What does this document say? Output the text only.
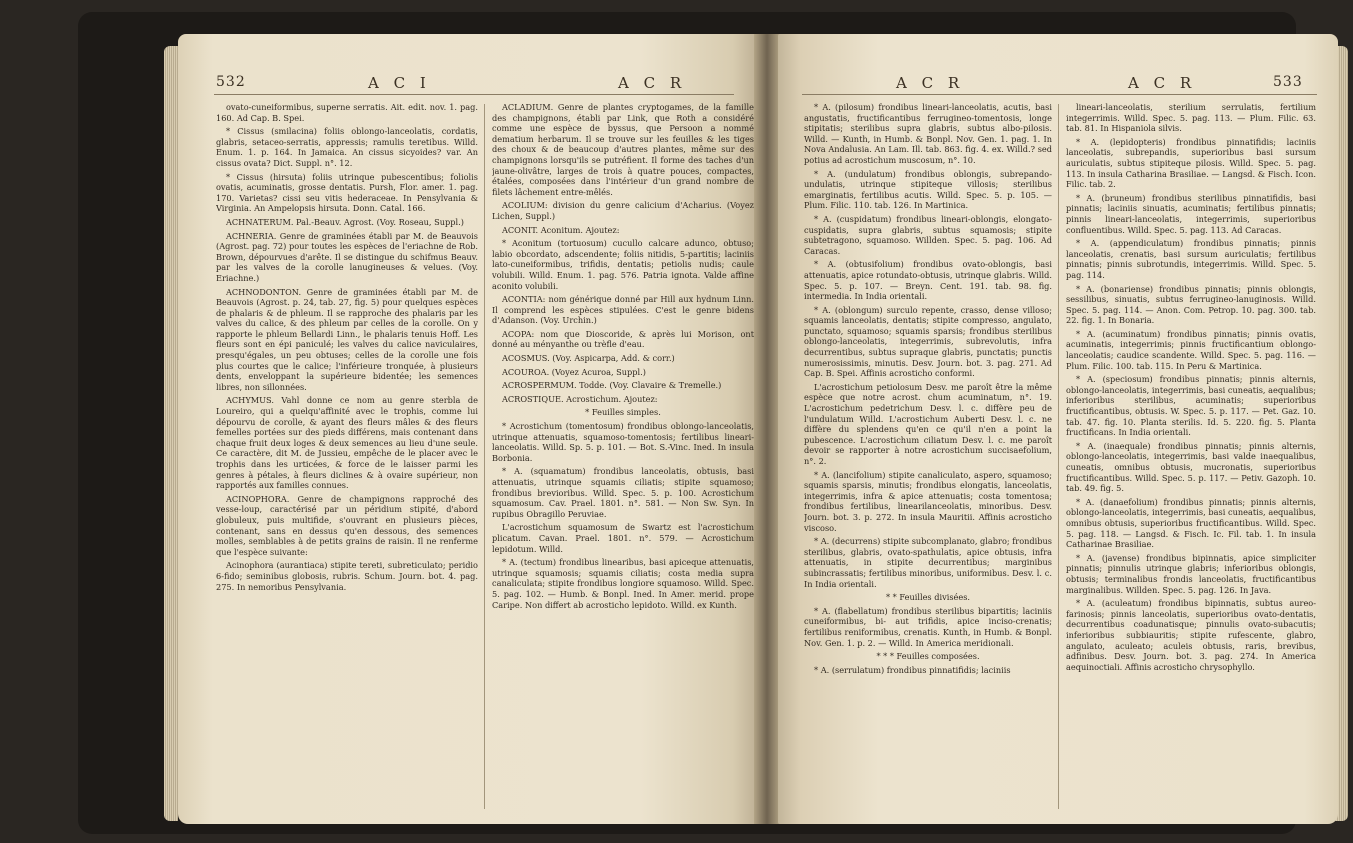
532	A C I	A C R

ovato-cuneiformibus, superne serratis. Ait. edit. nov. 1. pag. 160. Ad Cap. B. Spei.

* Cissus (smilacina) foliis oblongo-lanceolatis, cordatis, glabris, setaceo-serratis, appressis; ramulis teretibus. Willd. Enum. 1. p. 164. In Jamaica. An cissus sicyoides? var. An cissus ovata? Dict. Suppl. n°. 12.

* Cissus (hirsuta) foliis utrinque pubescentibus; foliolis ovatis, acuminatis, grosse dentatis. Pursh, Flor. amer. 1. pag. 170. Varietas? cissi seu vitis hederaceae. In Pensylvania & Virginia. An Ampelopsis hirsuta. Donn. Catal. 166.

ACHNATERUM. Pal.-Beauv. Agrost. (Voy. Roseau, Suppl.)

ACHNERIA. Genre de graminées établi par M. de Beauvois (Agrost. pag. 72) pour toutes les espèces de l'eriachne de Rob. Brown, dépourvues d'arête. Il se distingue du schifmus Beauv. par les valves de la corolle lanugineuses & velues. (Voy. Eriachne.)

ACHNODONTON. Genre de graminées établi par M. de Beauvois (Agrost. p. 24, tab. 27, fig. 5) pour quelques espèces de phalaris & de phleum. Il se rapproche des phalaris par les valves du calice, & des phleum par celles de la corolle. On y rapporte le phleum Bellardi Linn., le phalaris tenuis Hoff. Les fleurs sont en épi paniculé; les valves du calice naviculaires, presqu'égales, un peu obtuses; celles de la corolle une fois plus courtes que le calice; l'inférieure tronquée, à plusieurs dents, enveloppant la supérieure bidentée; les semences libres, non sillonnées.

ACHYMUS. Vahl donne ce nom au genre sterbla de Loureiro, qui a quelqu'affinité avec le trophis, comme lui dépourvu de corolle, & ayant des fleurs mâles & des fleurs femelles portées sur des pieds différens, mais contenant dans chaque fruit deux loges & deux semences au lieu d'une seule. Ce caractère, dit M. de Jussieu, empêche de le placer avec le trophis dans les urticées, & force de le laisser parmi les genres à pétales, à fleurs diclines & à ovaire supérieur, non rapportés aux familles connues.

ACINOPHORA. Genre de champignons rapproché des vesse-loup, caractérisé par un péridium stipité, d'abord globuleux, puis multifide, s'ouvrant en plusieurs pièces, contenant, sans en dessus qu'en dessous, des semences molles, semblables à de petits grains de raisin. Il ne renferme que l'espèce suivante:

Acinophora (aurantiaca) stipite tereti, subreticulato; peridio 6-fido; seminibus globosis, rubris. Schum. Journ. bot. 4. pag. 275. In nemoribus Pensylvania.

ACLADIUM. Genre de plantes cryptogames, de la famille des champignons, établi par Link, que Roth a considéré comme une espèce de byssus, que Persoon a nommé dematium herbarum. Il se trouve sur les feuilles & les tiges des choux & de beaucoup d'autres plantes, même sur des champignons lorsqu'ils se putréfient. Il forme des taches d'un jaune-olivâtre, larges de trois à quatre pouces, compactes, étalées, composées dans l'intérieur d'un grand nombre de filets lâchement entre-mêlés.

ACOLIUM: division du genre calicium d'Acharius. (Voyez Lichen, Suppl.)

ACONIT. Aconitum. Ajoutez:

* Aconitum (tortuosum) cucullo calcare adunco, obtuso; labio obcordato, adscendente; foliis nitidis, 5-partitis; laciniis lato-cuneiformibus, trifidis, dentatis; petiolis nudis; caule volubili. Willd. Enum. 1. pag. 576. Patria ignota. Valde affine aconito volubili.

ACONTIA: nom générique donné par Hill aux hydnum Linn. Il comprend les espèces stipulées. C'est le genre bidens d'Adanson. (Voy. Urchin.)

ACOPA: nom que Dioscoride, & après lui Morison, ont donné au ményanthe ou trèfle d'eau.

ACOSMUS. (Voy. Aspicarpa, Add. & corr.)

ACOUROA. (Voyez Acuroa, Suppl.)

ACROSPERMUM. Todde. (Voy. Clavaire & Tremelle.)

ACROSTIQUE. Acrostichum. Ajoutez:

* Feuilles simples.

* Acrostichum (tomentosum) frondibus oblongo-lanceolatis, utrinque attenuatis, squamoso-tomentosis; fertilibus lineari-lanceolatis. Willd. Sp. 5. p. 101. — Bot. S.-Vinc. Ined. In insula Borbonia.

* A. (squamatum) frondibus lanceolatis, obtusis, basi attenuatis, utrinque squamis ciliatis; stipite squamoso; frondibus brevioribus. Willd. Spec. 5. p. 100. Acrostichum squamosum. Cav. Prael. 1801. n°. 581. — Non Sw. Syn. In rupibus Obragillo Peruviae.

L'acrostichum squamosum de Swartz est l'acrostichum plicatum. Cavan. Prael. 1801. n°. 579. — Acrostichum lepidotum. Willd.

* A. (tectum) frondibus linearibus, basi apiceque attenuatis, utrinque squamosis; squamis ciliatis; costa media supra canaliculata; stipite frondibus longiore squamoso. Willd. Spec. 5. pag. 102. — Humb. & Bonpl. Ined. In Amer. merid. prope Caripe. Non differt ab acrosticho lepidoto. Willd. ex Kunth.

A C R	A C R	533

* A. (pilosum) frondibus lineari-lanceolatis, acutis, basi angustatis, fructificantibus ferrugineo-tomentosis, longe stipitatis; sterilibus supra glabris, subtus albo-pilosis. Willd. — Kunth, in Humb. & Bonpl. Nov. Gen. 1. pag. 1. In Nova Andalusia. An Lam. Ill. tab. 863. fig. 4. ex. Willd.? sed potius ad acrostichum muscosum, n°. 10.

* A. (undulatum) frondibus oblongis, subrepando-undulatis, utrinque stipiteque villosis; sterilibus emarginatis, fertilibus acutis. Willd. Spec. 5. p. 105. — Plum. Filic. 110. tab. 126. In Martinica.

* A. (cuspidatum) frondibus lineari-oblongis, elongato-cuspidatis, supra glabris, subtus squamosis; stipite subtetragono, squamoso. Willden. Spec. 5. pag. 106. Ad Caracas.

* A. (obtusifolium) frondibus ovato-oblongis, basi attenuatis, apice rotundato-obtusis, utrinque glabris. Willd. Spec. 5. p. 107. — Breyn. Cent. 191. tab. 98. fig. intermedia. In India orientali.

* A. (oblongum) surculo repente, crasso, dense villoso; squamis lanceolatis, dentatis; stipite compresso, angulato, punctato, squamoso; squamis sparsis; frondibus sterilibus oblongo-lanceolatis, integerrimis, subrevolutis, infra decurrentibus, subtus supraque glabris, punctatis; punctis numerosissimis, minutis. Desv. Journ. bot. 3. pag. 271. Ad Cap. B. Spei. Affinis acrosticho conformi.

L'acrostichum petiolosum Desv. me paroît être la même espèce que notre acrost. chum acuminatum, n°. 19. L'acrostichum pedetrichum Desv. l. c. diffère peu de l'undulatum Willd. L'acrostichum Auberti Desv. l. c. ne diffère du splendens qu'en ce qu'il n'en a point la pubescence. L'acrostichum ciliatum Desv. l. c. me paroît devoir se rapporter à notre acrostichum succisaefolium, n°. 2.

* A. (lancifolium) stipite canaliculato, aspero, squamoso; squamis sparsis, minutis; frondibus elongatis, lanceolatis, integerrimis, infra & apice attenuatis; costa tomentosa; frondibus fertilibus, linearilanceolatis, minoribus. Desv. Journ. bot. 3. p. 272. In insula Mauritii. Affinis acrosticho viscoso.

* A. (decurrens) stipite subcomplanato, glabro; frondibus sterilibus, glabris, ovato-spathulatis, apice obtusis, infra attenuatis, in stipite decurrentibus; marginibus subincrassatis; fertilibus minoribus, uniformibus. Desv. l. c. In India orientali.

* * Feuilles divisées.

* A. (flabellatum) frondibus sterilibus bipartitis; laciniis cuneiformibus, bi- aut trifidis, apice inciso-crenatis; fertilibus reniformibus, crenatis. Kunth, in Humb. & Bonpl. Nov. Gen. 1. p. 2. — Willd. In America meridionali.

* * * Feuilles composées.

* A. (serrulatum) frondibus pinnatifidis; laciniis

lineari-lanceolatis, sterilium serrulatis, fertilium integerrimis. Willd. Spec. 5. pag. 113. — Plum. Filic. 63. tab. 81. In Hispaniola silvis.

* A. (lepidopteris) frondibus pinnatifidis; laciniis lanceolatis, subrepandis, superioribus basi sursum auriculatis, subtus stipiteque pilosis. Willd. Spec. 5. pag. 113. In insula Catharina Brasiliae. — Langsd. & Fisch. Icon. Filic. tab. 2.

* A. (bruneum) frondibus sterilibus pinnatifidis, basi pinnatis; laciniis sinuatis, acuminatis; fertilibus pinnatis; pinnis lineari-lanceolatis, integerrimis, superioribus confluentibus. Willd. Spec. 5. pag. 113. Ad Caracas.

* A. (appendiculatum) frondibus pinnatis; pinnis lanceolatis, crenatis, basi sursum auriculatis; fertilibus pinnatis; pinnis subrotundis, integerrimis. Willd. Spec. 5. pag. 114.

* A. (bonariense) frondibus pinnatis; pinnis oblongis, sessilibus, sinuatis, subtus ferrugineo-lanuginosis. Willd. Spec. 5. pag. 114. — Anon. Com. Petrop. 10. pag. 300. tab. 22. fig. 1. In Bonaria.

* A. (acuminatum) frondibus pinnatis; pinnis ovatis, acuminatis, integerrimis; pinnis fructificantium oblongo-lanceolatis; caudice scandente. Willd. Spec. 5. pag. 116. — Plum. Filic. 100. tab. 115. In Peru & Martinica.

* A. (speciosum) frondibus pinnatis; pinnis alternis, oblongo-lanceolatis, integerrimis, basi cuneatis, aequalibus; inferioribus sterilibus, acuminatis; superioribus fructificantibus, obtusis. W. Spec. 5. p. 117. — Pet. Gaz. 10. tab. 47. fig. 10. Planta sterilis. Id. 5. 220. fig. 5. Planta fructificans. In India orientali.

* A. (inaequale) frondibus pinnatis; pinnis alternis, oblongo-lanceolatis, integerrimis, basi valde inaequalibus, cuneatis, omnibus obtusis, mucronatis, superioribus fructificantibus. Willd. Spec. 5. p. 117. — Petiv. Gazoph. 10. tab. 49. fig. 5.

* A. (danaefolium) frondibus pinnatis; pinnis alternis, oblongo-lanceolatis, integerrimis, basi cuneatis, aequalibus, omnibus obtusis, superioribus fructificantibus. Willd. Spec. 5. pag. 118. — Langsd. & Fisch. Ic. Fil. tab. 1. In insula Catharinae Brasiliae.

* A. (javense) frondibus bipinnatis, apice simpliciter pinnatis; pinnulis utrinque glabris; inferioribus oblongis, obtusis; terminalibus frondis lanceolatis, fructificantibus marginalibus. Willden. Spec. 5. pag. 126. In Java.

* A. (aculeatum) frondibus bipinnatis, subtus aureo-farinosis; pinnis lanceolatis, superioribus ovato-dentatis, decurrentibus coadunatisque; pinnulis ovato-subacutis; inferioribus subbiauritis; stipite rufescente, glabro, angulato, aculeato; aculeis obtusis, raris, brevibus, adfinibus. Desv. Journ. bot. 3. pag. 274. In America aequinoctiali. Affinis acrosticho chrysophyllo.
